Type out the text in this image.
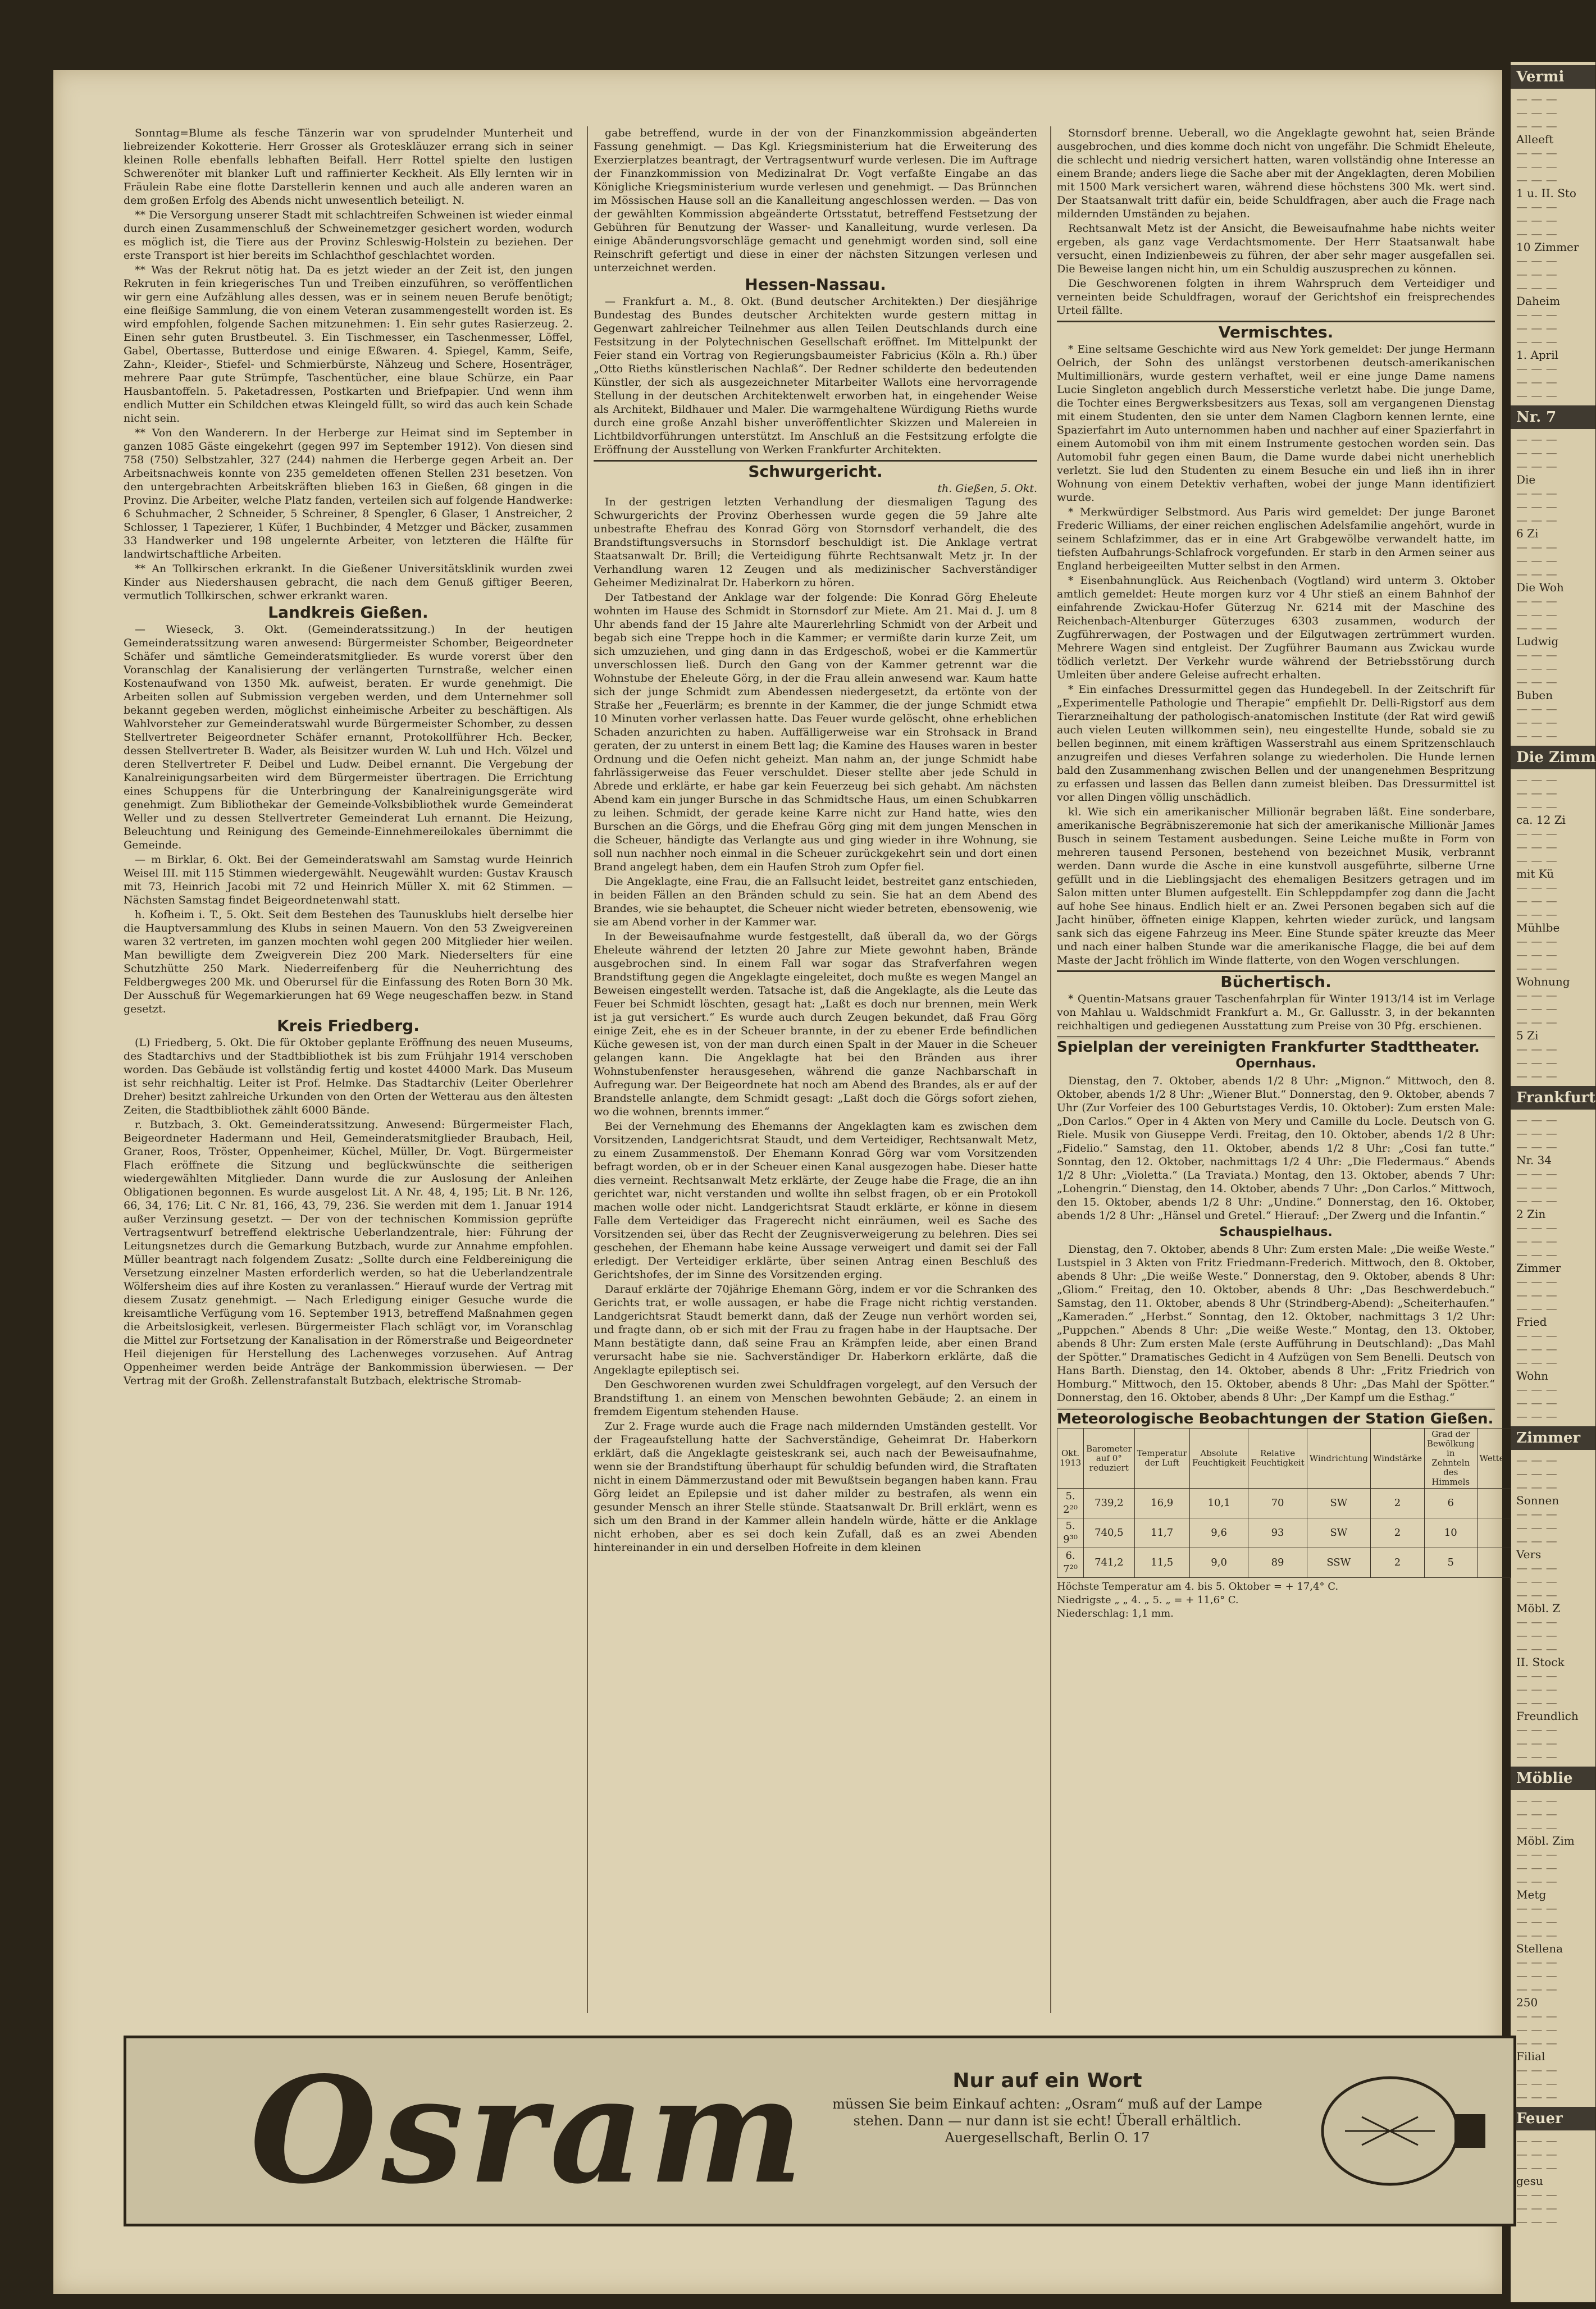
Vermi
— — —
— — —
— — —
Alleeft
— — —
— — —
— — —
1 u. II. Sto
— — —
— — —
— — —
10 Zimmer
— — —
— — —
— — —
Daheim
— — —
— — —
— — —
1. April
— — —
— — —
— — —
Nr. 7
— — —
— — —
— — —
Die
— — —
— — —
— — —
6 Zi
— — —
— — —
— — —
Die Woh
— — —
— — —
— — —
Ludwig
— — —
— — —
— — —
Buben
— — —
— — —
— — —
Die Zimm
— — —
— — —
— — —
ca. 12 Zi
— — —
— — —
— — —
mit Kü
— — —
— — —
— — —
Mühlbe
— — —
— — —
— — —
Wohnung
— — —
— — —
— — —
5 Zi
— — —
— — —
— — —
Frankfurt
— — —
— — —
— — —
Nr. 34
— — —
— — —
— — —
2 Zin
— — —
— — —
— — —
Zimmer
— — —
— — —
— — —
Fried
— — —
— — —
— — —
Wohn
— — —
— — —
— — —
Zimmer
— — —
— — —
— — —
Sonnen
— — —
— — —
— — —
Vers
— — —
— — —
— — —
Möbl. Z
— — —
— — —
— — —
II. Stock
— — —
— — —
— — —
Freundlich
— — —
— — —
— — —
Möblie
— — —
— — —
— — —
Möbl. Zim
— — —
— — —
— — —
Metg
— — —
— — —
— — —
Stellena
— — —
— — —
— — —
250
— — —
— — —
— — —
Filial
— — —
— — —
— — —
Feuer
— — —
— — —
— — —
gesu
— — —
— — —
— — —

Sonntag=Blume als fesche Tänzerin war von sprudelnder Munterheit und liebreizender Kokotterie. Herr Grosser als Groteskläuzer errang sich in seiner kleinen Rolle ebenfalls lebhaften Beifall. Herr Rottel spielte den lustigen Schwerenöter mit blanker Luft und raffinierter Keckheit. Als Elly lernten wir in Fräulein Rabe eine flotte Darstellerin kennen und auch alle anderen waren an dem großen Erfolg des Abends nicht unwesentlich beteiligt. N.

** Die Versorgung unserer Stadt mit schlachtreifen Schweinen ist wieder einmal durch einen Zusammenschluß der Schweinemetzger gesichert worden, wodurch es möglich ist, die Tiere aus der Provinz Schleswig-Holstein zu beziehen. Der erste Transport ist hier bereits im Schlachthof geschlachtet worden.

** Was der Rekrut nötig hat. Da es jetzt wieder an der Zeit ist, den jungen Rekruten in fein kriegerisches Tun und Treiben einzuführen, so veröffentlichen wir gern eine Aufzählung alles dessen, was er in seinem neuen Berufe benötigt; eine fleißige Sammlung, die von einem Veteran zusammengestellt worden ist. Es wird empfohlen, folgende Sachen mitzunehmen: 1. Ein sehr gutes Rasierzeug. 2. Einen sehr guten Brustbeutel. 3. Ein Tischmesser, ein Taschenmesser, Löffel, Gabel, Obertasse, Butterdose und einige Eßwaren. 4. Spiegel, Kamm, Seife, Zahn-, Kleider-, Stiefel- und Schmierbürste, Nähzeug und Schere, Hosenträger, mehrere Paar gute Strümpfe, Taschentücher, eine blaue Schürze, ein Paar Hausbantoffeln. 5. Paketadressen, Postkarten und Briefpapier. Und wenn ihm endlich Mutter ein Schildchen etwas Kleingeld füllt, so wird das auch kein Schade nicht sein.

** Von den Wanderern. In der Herberge zur Heimat sind im September in ganzen 1085 Gäste eingekehrt (gegen 997 im September 1912). Von diesen sind 758 (750) Selbstzahler, 327 (244) nahmen die Herberge gegen Arbeit an. Der Arbeitsnachweis konnte von 235 gemeldeten offenen Stellen 231 besetzen. Von den untergebrachten Arbeitskräften blieben 163 in Gießen, 68 gingen in die Provinz. Die Arbeiter, welche Platz fanden, verteilen sich auf folgende Handwerke: 6 Schuhmacher, 2 Schneider, 5 Schreiner, 8 Spengler, 6 Glaser, 1 Anstreicher, 2 Schlosser, 1 Tapezierer, 1 Küfer, 1 Buchbinder, 4 Metzger und Bäcker, zusammen 33 Handwerker und 198 ungelernte Arbeiter, von letzteren die Hälfte für landwirtschaftliche Arbeiten.

** An Tollkirschen erkrankt. In die Gießener Universitätsklinik wurden zwei Kinder aus Niedershausen gebracht, die nach dem Genuß giftiger Beeren, vermutlich Tollkirschen, schwer erkrankt waren.

Landkreis Gießen.

— Wieseck, 3. Okt. (Gemeinderatssitzung.) In der heutigen Gemeinderatssitzung waren anwesend: Bürgermeister Schomber, Beigeordneter Schäfer und sämtliche Gemeinderatsmitglieder. Es wurde vorerst über den Voranschlag der Kanalisierung der verlängerten Turnstraße, welcher einen Kostenaufwand von 1350 Mk. aufweist, beraten. Er wurde genehmigt. Die Arbeiten sollen auf Submission vergeben werden, und dem Unternehmer soll bekannt gegeben werden, möglichst einheimische Arbeiter zu beschäftigen. Als Wahlvorsteher zur Gemeinderatswahl wurde Bürgermeister Schomber, zu dessen Stellvertreter Beigeordneter Schäfer ernannt, Protokollführer Hch. Becker, dessen Stellvertreter B. Wader, als Beisitzer wurden W. Luh und Hch. Völzel und deren Stellvertreter F. Deibel und Ludw. Deibel ernannt. Die Vergebung der Kanalreinigungsarbeiten wird dem Bürgermeister übertragen. Die Errichtung eines Schuppens für die Unterbringung der Kanalreinigungsgeräte wird genehmigt. Zum Bibliothekar der Gemeinde-Volksbibliothek wurde Gemeinderat Weller und zu dessen Stellvertreter Gemeinderat Luh ernannt. Die Heizung, Beleuchtung und Reinigung des Gemeinde-Einnehmereilokales übernimmt die Gemeinde.

— m Birklar, 6. Okt. Bei der Gemeinderatswahl am Samstag wurde Heinrich Weisel III. mit 115 Stimmen wiedergewählt. Neugewählt wurden: Gustav Krausch mit 73, Heinrich Jacobi mit 72 und Heinrich Müller X. mit 62 Stimmen. — Nächsten Samstag findet Beigeordnetenwahl statt.

h. Kofheim i. T., 5. Okt. Seit dem Bestehen des Taunusklubs hielt derselbe hier die Hauptversammlung des Klubs in seinen Mauern. Von den 53 Zweigvereinen waren 32 vertreten, im ganzen mochten wohl gegen 200 Mitglieder hier weilen. Man bewilligte dem Zweigverein Diez 200 Mark. Niederselters für eine Schutzhütte 250 Mark. Niederreifenberg für die Neuherrichtung des Feldbergweges 200 Mk. und Oberursel für die Einfassung des Roten Born 30 Mk. Der Ausschuß für Wegemarkierungen hat 69 Wege neugeschaffen bezw. in Stand gesetzt.

Kreis Friedberg.

(L) Friedberg, 5. Okt. Die für Oktober geplante Eröffnung des neuen Museums, des Stadtarchivs und der Stadtbibliothek ist bis zum Frühjahr 1914 verschoben worden. Das Gebäude ist vollständig fertig und kostet 44000 Mark. Das Museum ist sehr reichhaltig. Leiter ist Prof. Helmke. Das Stadtarchiv (Leiter Oberlehrer Dreher) besitzt zahlreiche Urkunden von den Orten der Wetterau aus den ältesten Zeiten, die Stadtbibliothek zählt 6000 Bände.

r. Butzbach, 3. Okt. Gemeinderatssitzung. Anwesend: Bürgermeister Flach, Beigeordneter Hadermann und Heil, Gemeinderatsmitglieder Braubach, Heil, Graner, Roos, Tröster, Oppenheimer, Küchel, Müller, Dr. Vogt. Bürgermeister Flach eröffnete die Sitzung und beglückwünschte die seitherigen wiedergewählten Mitglieder. Dann wurde die zur Auslosung der Anleihen Obligationen begonnen. Es wurde ausgelost Lit. A Nr. 48, 4, 195; Lit. B Nr. 126, 66, 34, 176; Lit. C Nr. 81, 166, 43, 79, 236. Sie werden mit dem 1. Januar 1914 außer Verzinsung gesetzt. — Der von der technischen Kommission geprüfte Vertragsentwurf betreffend elektrische Ueberlandzentrale, hier: Führung der Leitungsnetzes durch die Gemarkung Butzbach, wurde zur Annahme empfohlen. Müller beantragt nach folgendem Zusatz: „Sollte durch eine Feldbereinigung die Versetzung einzelner Masten erforderlich werden, so hat die Ueberlandzentrale Wölfersheim dies auf ihre Kosten zu veranlassen.“ Hierauf wurde der Vertrag mit diesem Zusatz genehmigt. — Nach Erledigung einiger Gesuche wurde die kreisamtliche Verfügung vom 16. September 1913, betreffend Maßnahmen gegen die Arbeitslosigkeit, verlesen. Bürgermeister Flach schlägt vor, im Voranschlag die Mittel zur Fortsetzung der Kanalisation in der Römerstraße und Beigeordneter Heil diejenigen für Herstellung des Lachenweges vorzusehen. Auf Antrag Oppenheimer werden beide Anträge der Bankommission überwiesen. — Der Vertrag mit der Großh. Zellenstrafanstalt Butzbach, elektrische Stromab-

gabe betreffend, wurde in der von der Finanzkommission abgeänderten Fassung genehmigt. — Das Kgl. Kriegsministerium hat die Erweiterung des Exerzierplatzes beantragt, der Vertragsentwurf wurde verlesen. Die im Auftrage der Finanzkommission von Medizinalrat Dr. Vogt verfaßte Eingabe an das Königliche Kriegsministerium wurde verlesen und genehmigt. — Das Brünnchen im Mössischen Hause soll an die Kanalleitung angeschlossen werden. — Das von der gewählten Kommission abgeänderte Ortsstatut, betreffend Festsetzung der Gebühren für Benutzung der Wasser- und Kanalleitung, wurde verlesen. Da einige Abänderungsvorschläge gemacht und genehmigt worden sind, soll eine Reinschrift gefertigt und diese in einer der nächsten Sitzungen verlesen und unterzeichnet werden.

Hessen-Nassau.

— Frankfurt a. M., 8. Okt. (Bund deutscher Architekten.) Der diesjährige Bundestag des Bundes deutscher Architekten wurde gestern mittag in Gegenwart zahlreicher Teilnehmer aus allen Teilen Deutschlands durch eine Festsitzung in der Polytechnischen Gesellschaft eröffnet. Im Mittelpunkt der Feier stand ein Vortrag von Regierungsbaumeister Fabricius (Köln a. Rh.) über „Otto Rieths künstlerischen Nachlaß“. Der Redner schilderte den bedeutenden Künstler, der sich als ausgezeichneter Mitarbeiter Wallots eine hervorragende Stellung in der deutschen Architektenwelt erworben hat, in eingehender Weise als Architekt, Bildhauer und Maler. Die warmgehaltene Würdigung Rieths wurde durch eine große Anzahl bisher unveröffentlichter Skizzen und Malereien in Lichtbildvorführungen unterstützt. Im Anschluß an die Festsitzung erfolgte die Eröffnung der Ausstellung von Werken Frankfurter Architekten.

Schwurgericht.
th. Gießen, 5. Okt.

In der gestrigen letzten Verhandlung der diesmaligen Tagung des Schwurgerichts der Provinz Oberhessen wurde gegen die 59 Jahre alte unbestrafte Ehefrau des Konrad Görg von Stornsdorf verhandelt, die des Brandstiftungsversuchs in Stornsdorf beschuldigt ist. Die Anklage vertrat Staatsanwalt Dr. Brill; die Verteidigung führte Rechtsanwalt Metz jr. In der Verhandlung waren 12 Zeugen und als medizinischer Sachverständiger Geheimer Medizinalrat Dr. Haberkorn zu hören.

Der Tatbestand der Anklage war der folgende: Die Konrad Görg Eheleute wohnten im Hause des Schmidt in Stornsdorf zur Miete. Am 21. Mai d. J. um 8 Uhr abends fand der 15 Jahre alte Maurerlehrling Schmidt von der Arbeit und begab sich eine Treppe hoch in die Kammer; er vermißte darin kurze Zeit, um sich umzuziehen, und ging dann in das Erdgeschoß, wobei er die Kammertür unverschlossen ließ. Durch den Gang von der Kammer getrennt war die Wohnstube der Eheleute Görg, in der die Frau allein anwesend war. Kaum hatte sich der junge Schmidt zum Abendessen niedergesetzt, da ertönte von der Straße her „Feuerlärm; es brennte in der Kammer, die der junge Schmidt etwa 10 Minuten vorher verlassen hatte. Das Feuer wurde gelöscht, ohne erheblichen Schaden anzurichten zu haben. Auffälligerweise war ein Strohsack in Brand geraten, der zu unterst in einem Bett lag; die Kamine des Hauses waren in bester Ordnung und die Oefen nicht geheizt. Man nahm an, der junge Schmidt habe fahrlässigerweise das Feuer verschuldet. Dieser stellte aber jede Schuld in Abrede und erklärte, er habe gar kein Feuerzeug bei sich gehabt. Am nächsten Abend kam ein junger Bursche in das Schmidtsche Haus, um einen Schubkarren zu leihen. Schmidt, der gerade keine Karre nicht zur Hand hatte, wies den Burschen an die Görgs, und die Ehefrau Görg ging mit dem jungen Menschen in die Scheuer, händigte das Verlangte aus und ging wieder in ihre Wohnung, sie soll nun nachher noch einmal in die Scheuer zurückgekehrt sein und dort einen Brand angelegt haben, dem ein Haufen Stroh zum Opfer fiel.

Die Angeklagte, eine Frau, die an Fallsucht leidet, bestreitet ganz entschieden, in beiden Fällen an den Bränden schuld zu sein. Sie hat an dem Abend des Brandes, wie sie behauptet, die Scheuer nicht wieder betreten, ebensowenig, wie sie am Abend vorher in der Kammer war.

In der Beweisaufnahme wurde festgestellt, daß überall da, wo der Görgs Eheleute während der letzten 20 Jahre zur Miete gewohnt haben, Brände ausgebrochen sind. In einem Fall war sogar das Strafverfahren wegen Brandstiftung gegen die Angeklagte eingeleitet, doch mußte es wegen Mangel an Beweisen eingestellt werden. Tatsache ist, daß die Angeklagte, als die Leute das Feuer bei Schmidt löschten, gesagt hat: „Laßt es doch nur brennen, mein Werk ist ja gut versichert.“ Es wurde auch durch Zeugen bekundet, daß Frau Görg einige Zeit, ehe es in der Scheuer brannte, in der zu ebener Erde befindlichen Küche gewesen ist, von der man durch einen Spalt in der Mauer in die Scheuer gelangen kann. Die Angeklagte hat bei den Bränden aus ihrer Wohnstubenfenster herausgesehen, während die ganze Nachbarschaft in Aufregung war. Der Beigeordnete hat noch am Abend des Brandes, als er auf der Brandstelle anlangte, dem Schmidt gesagt: „Laßt doch die Görgs sofort ziehen, wo die wohnen, brennts immer.“

Bei der Vernehmung des Ehemanns der Angeklagten kam es zwischen dem Vorsitzenden, Landgerichtsrat Staudt, und dem Verteidiger, Rechtsanwalt Metz, zu einem Zusammenstoß. Der Ehemann Konrad Görg war vom Vorsitzenden befragt worden, ob er in der Scheuer einen Kanal ausgezogen habe. Dieser hatte dies verneint. Rechtsanwalt Metz erklärte, der Zeuge habe die Frage, die an ihn gerichtet war, nicht verstanden und wollte ihn selbst fragen, ob er ein Protokoll machen wolle oder nicht. Landgerichtsrat Staudt erklärte, er könne in diesem Falle dem Verteidiger das Fragerecht nicht einräumen, weil es Sache des Vorsitzenden sei, über das Recht der Zeugnisverweigerung zu belehren. Dies sei geschehen, der Ehemann habe keine Aussage verweigert und damit sei der Fall erledigt. Der Verteidiger erklärte, über seinen Antrag einen Beschluß des Gerichtshofes, der im Sinne des Vorsitzenden erging.

Darauf erklärte der 70jährige Ehemann Görg, indem er vor die Schranken des Gerichts trat, er wolle aussagen, er habe die Frage nicht richtig verstanden. Landgerichtsrat Staudt bemerkt dann, daß der Zeuge nun verhört worden sei, und fragte dann, ob er sich mit der Frau zu fragen habe in der Hauptsache. Der Mann bestätigte dann, daß seine Frau an Krämpfen leide, aber einen Brand verursacht habe sie nie. Sachverständiger Dr. Haberkorn erklärte, daß die Angeklagte epileptisch sei.

Den Geschworenen wurden zwei Schuldfragen vorgelegt, auf den Versuch der Brandstiftung 1. an einem von Menschen bewohnten Gebäude; 2. an einem in fremdem Eigentum stehenden Hause.

Zur 2. Frage wurde auch die Frage nach mildernden Umständen gestellt. Vor der Frageaufstellung hatte der Sachverständige, Geheimrat Dr. Haberkorn erklärt, daß die Angeklagte geisteskrank sei, auch nach der Beweisaufnahme, wenn sie der Brandstiftung überhaupt für schuldig befunden wird, die Straftaten nicht in einem Dämmerzustand oder mit Bewußtsein begangen haben kann. Frau Görg leidet an Epilepsie und ist daher milder zu bestrafen, als wenn ein gesunder Mensch an ihrer Stelle stünde. Staatsanwalt Dr. Brill erklärt, wenn es sich um den Brand in der Kammer allein handeln würde, hätte er die Anklage nicht erhoben, aber es sei doch kein Zufall, daß es an zwei Abenden hintereinander in ein und derselben Hofreite in dem kleinen

Stornsdorf brenne. Ueberall, wo die Angeklagte gewohnt hat, seien Brände ausgebrochen, und dies komme doch nicht von ungefähr. Die Schmidt Eheleute, die schlecht und niedrig versichert hatten, waren vollständig ohne Interesse an einem Brande; anders liege die Sache aber mit der Angeklagten, deren Mobilien mit 1500 Mark versichert waren, während diese höchstens 300 Mk. wert sind. Der Staatsanwalt tritt dafür ein, beide Schuldfragen, aber auch die Frage nach mildernden Umständen zu bejahen.

Rechtsanwalt Metz ist der Ansicht, die Beweisaufnahme habe nichts weiter ergeben, als ganz vage Verdachtsmomente. Der Herr Staatsanwalt habe versucht, einen Indizienbeweis zu führen, der aber sehr mager ausgefallen sei. Die Beweise langen nicht hin, um ein Schuldig auszusprechen zu können.

Die Geschworenen folgten in ihrem Wahrspruch dem Verteidiger und verneinten beide Schuldfragen, worauf der Gerichtshof ein freisprechendes Urteil fällte.

Vermischtes.

* Eine seltsame Geschichte wird aus New York gemeldet: Der junge Hermann Oelrich, der Sohn des unlängst verstorbenen deutsch-amerikanischen Multimillionärs, wurde gestern verhaftet, weil er eine junge Dame namens Lucie Singleton angeblich durch Messerstiche verletzt habe. Die junge Dame, die Tochter eines Bergwerksbesitzers aus Texas, soll am vergangenen Dienstag mit einem Studenten, den sie unter dem Namen Clagborn kennen lernte, eine Spazierfahrt im Auto unternommen haben und nachher auf einer Spazierfahrt in einem Automobil von ihm mit einem Instrumente gestochen worden sein. Das Automobil fuhr gegen einen Baum, die Dame wurde dabei nicht unerheblich verletzt. Sie lud den Studenten zu einem Besuche ein und ließ ihn in ihrer Wohnung von einem Detektiv verhaften, wobei der junge Mann identifiziert wurde.

* Merkwürdiger Selbstmord. Aus Paris wird gemeldet: Der junge Baronet Frederic Williams, der einer reichen englischen Adelsfamilie angehört, wurde in seinem Schlafzimmer, das er in eine Art Grabgewölbe verwandelt hatte, im tiefsten Aufbahrungs-Schlafrock vorgefunden. Er starb in den Armen seiner aus England herbeigeeilten Mutter selbst in den Armen.

* Eisenbahnunglück. Aus Reichenbach (Vogtland) wird unterm 3. Oktober amtlich gemeldet: Heute morgen kurz vor 4 Uhr stieß an einem Bahnhof der einfahrende Zwickau-Hofer Güterzug Nr. 6214 mit der Maschine des Reichenbach-Altenburger Güterzuges 6303 zusammen, wodurch der Zugführerwagen, der Postwagen und der Eilgutwagen zertrümmert wurden. Mehrere Wagen sind entgleist. Der Zugführer Baumann aus Zwickau wurde tödlich verletzt. Der Verkehr wurde während der Betriebsstörung durch Umleiten über andere Geleise aufrecht erhalten.

* Ein einfaches Dressurmittel gegen das Hundegebell. In der Zeitschrift für „Experimentelle Pathologie und Therapie“ empfiehlt Dr. Delli-Rigstorf aus dem Tierarzneihaltung der pathologisch-anatomischen Institute (der Rat wird gewiß auch vielen Leuten willkommen sein), neu eingestellte Hunde, sobald sie zu bellen beginnen, mit einem kräftigen Wasserstrahl aus einem Spritzenschlauch anzugreifen und dieses Verfahren solange zu wiederholen. Die Hunde lernen bald den Zusammenhang zwischen Bellen und der unangenehmen Bespritzung zu erfassen und lassen das Bellen dann zumeist bleiben. Das Dressurmittel ist vor allen Dingen völlig unschädlich.

kl. Wie sich ein amerikanischer Millionär begraben läßt. Eine sonderbare, amerikanische Begräbniszeremonie hat sich der amerikanische Millionär James Busch in seinem Testament ausbedungen. Seine Leiche mußte in Form von mehreren tausend Personen, bestehend von bezeichnet Musik, verbrannt werden. Dann wurde die Asche in eine kunstvoll ausgeführte, silberne Urne gefüllt und in die Lieblingsjacht des ehemaligen Besitzers getragen und im Salon mitten unter Blumen aufgestellt. Ein Schleppdampfer zog dann die Jacht auf hohe See hinaus. Endlich hielt er an. Zwei Personen begaben sich auf die Jacht hinüber, öffneten einige Klappen, kehrten wieder zurück, und langsam sank sich das eigene Fahrzeug ins Meer. Eine Stunde später kreuzte das Meer und nach einer halben Stunde war die amerikanische Flagge, die bei auf dem Maste der Jacht fröhlich im Winde flatterte, von den Wogen verschlungen.

Büchertisch.

* Quentin-Matsans grauer Taschenfahrplan für Winter 1913/14 ist im Verlage von Mahlau u. Waldschmidt Frankfurt a. M., Gr. Gallusstr. 3, in der bekannten reichhaltigen und gediegenen Ausstattung zum Preise von 30 Pfg. erschienen.

Spielplan der vereinigten Frankfurter Stadttheater.
Opernhaus.

Dienstag, den 7. Oktober, abends 1/2 8 Uhr: „Mignon.“ Mittwoch, den 8. Oktober, abends 1/2 8 Uhr: „Wiener Blut.“ Donnerstag, den 9. Oktober, abends 7 Uhr (Zur Vorfeier des 100 Geburtstages Verdis, 10. Oktober): Zum ersten Male: „Don Carlos.“ Oper in 4 Akten von Mery und Camille du Locle. Deutsch von G. Riele. Musik von Giuseppe Verdi. Freitag, den 10. Oktober, abends 1/2 8 Uhr: „Fidelio.“ Samstag, den 11. Oktober, abends 1/2 8 Uhr: „Cosi fan tutte.“ Sonntag, den 12. Oktober, nachmittags 1/2 4 Uhr: „Die Fledermaus.“ Abends 1/2 8 Uhr: „Violetta.“ (La Traviata.) Montag, den 13. Oktober, abends 7 Uhr: „Lohengrin.“ Dienstag, den 14. Oktober, abends 7 Uhr: „Don Carlos.“ Mittwoch, den 15. Oktober, abends 1/2 8 Uhr: „Undine.“ Donnerstag, den 16. Oktober, abends 1/2 8 Uhr: „Hänsel und Gretel.“ Hierauf: „Der Zwerg und die Infantin.“

Schauspielhaus.

Dienstag, den 7. Oktober, abends 8 Uhr: Zum ersten Male: „Die weiße Weste.“ Lustspiel in 3 Akten von Fritz Friedmann-Frederich. Mittwoch, den 8. Oktober, abends 8 Uhr: „Die weiße Weste.“ Donnerstag, den 9. Oktober, abends 8 Uhr: „Gliom.“ Freitag, den 10. Oktober, abends 8 Uhr: „Das Beschwerdebuch.“ Samstag, den 11. Oktober, abends 8 Uhr (Strindberg-Abend): „Scheiterhaufen.“ „Kameraden.“ „Herbst.“ Sonntag, den 12. Oktober, nachmittags 3 1/2 Uhr: „Puppchen.“ Abends 8 Uhr: „Die weiße Weste.“ Montag, den 13. Oktober, abends 8 Uhr: Zum ersten Male (erste Aufführung in Deutschland): „Das Mahl der Spötter.“ Dramatisches Gedicht in 4 Aufzügen von Sem Benelli. Deutsch von Hans Barth. Dienstag, den 14. Oktober, abends 8 Uhr: „Fritz Friedrich von Homburg.“ Mittwoch, den 15. Oktober, abends 8 Uhr: „Das Mahl der Spötter.“ Donnerstag, den 16. Oktober, abends 8 Uhr: „Der Kampf um die Esthag.“

Meteorologische Beobachtungen der Station Gießen.
Okt. 1913	Barometer auf 0° reduziert	Temperatur der Luft	Absolute Feuchtigkeit	Relative Feuchtigkeit	Windrichtung	Windstärke	Grad der Bewölkung in Zehnteln des Himmels	Wetter
5. 2²⁰	739,2	16,9	10,1	70	SW	2	6	
5. 9³⁰	740,5	11,7	9,6	93	SW	2	10	
6. 7²⁰	741,2	11,5	9,0	89	SSW	2	5	
Höchste Temperatur am 4. bis 5. Oktober = + 17,4° C.
Niedrigste „ „ 4. „ 5. „ = + 11,6° C.
Niederschlag: 1,1 mm.
Osram	Nur auf ein Wort
müssen Sie beim Einkauf achten: „Osram“ muß auf der Lampe stehen. Dann — nur dann ist sie echt! Überall erhältlich. Auergesellschaft, Berlin O. 17
